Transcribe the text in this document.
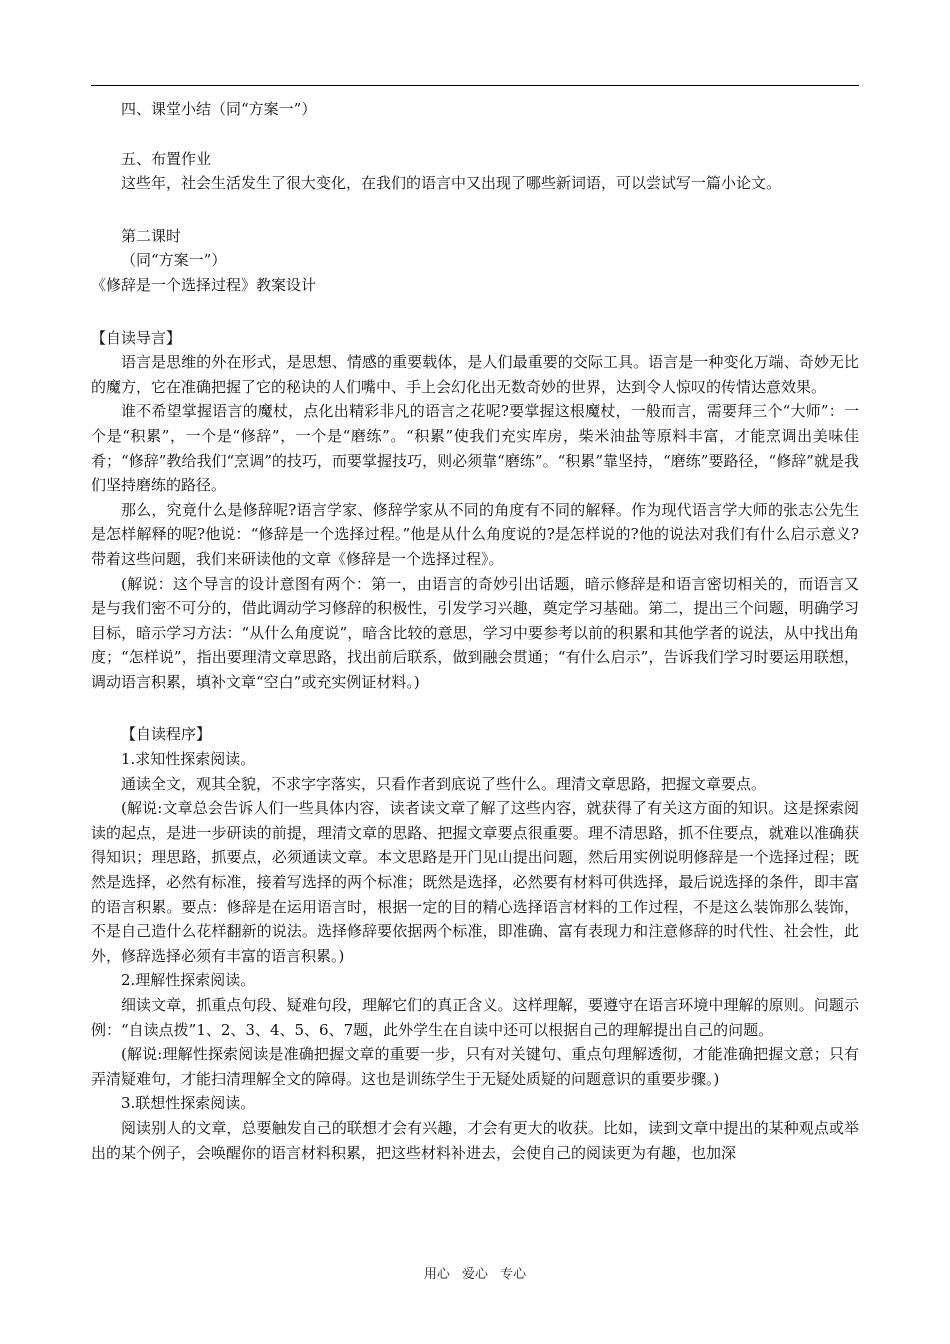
四、课堂小结（同“方案一”）

五、布置作业

这些年，社会生活发生了很大变化，在我们的语言中又出现了哪些新词语，可以尝试写一篇小论文。

第二课时

（同“方案一”）

《修辞是一个选择过程》教案设计

【自读导言】

语言是思维的外在形式，是思想、情感的重要载体，是人们最重要的交际工具。语言是一种变化万端、奇妙无比的魔方，它在准确把握了它的秘诀的人们嘴中、手上会幻化出无数奇妙的世界，达到令人惊叹的传情达意效果。

谁不希望掌握语言的魔杖，点化出精彩非凡的语言之花呢?要掌握这根魔杖，一般而言，需要拜三个“大师”：一个是“积累”，一个是“修辞”，一个是“磨练”。“积累”使我们充实库房，柴米油盐等原料丰富，才能烹调出美味佳肴；“修辞”教给我们“烹调”的技巧，而要掌握技巧，则必须靠“磨练”。“积累”靠坚持，“磨练”要路径，“修辞”就是我们坚持磨练的路径。

那么，究竟什么是修辞呢?语言学家、修辞学家从不同的角度有不同的解释。作为现代语言学大师的张志公先生是怎样解释的呢?他说：“修辞是一个选择过程。”他是从什么角度说的?是怎样说的?他的说法对我们有什么启示意义?带着这些问题，我们来研读他的文章《修辞是一个选择过程》。

(解说：这个导言的设计意图有两个：第一，由语言的奇妙引出话题，暗示修辞是和语言密切相关的，而语言又是与我们密不可分的，借此调动学习修辞的积极性，引发学习兴趣，奠定学习基础。第二，提出三个问题，明确学习目标，暗示学习方法：“从什么角度说”，暗含比较的意思，学习中要参考以前的积累和其他学者的说法，从中找出角度；“怎样说”，指出要理清文章思路，找出前后联系，做到融会贯通；“有什么启示”，告诉我们学习时要运用联想，调动语言积累，填补文章“空白”或充实例证材料。)

【自读程序】

1.求知性探索阅读。

通读全文，观其全貌，不求字字落实，只看作者到底说了些什么。理清文章思路，把握文章要点。

(解说:文章总会告诉人们一些具体内容，读者读文章了解了这些内容，就获得了有关这方面的知识。这是探索阅读的起点，是进一步研读的前提，理清文章的思路、把握文章要点很重要。理不清思路，抓不住要点，就难以准确获得知识；理思路，抓要点，必须通读文章。本文思路是开门见山提出问题，然后用实例说明修辞是一个选择过程；既然是选择，必然有标准，接着写选择的两个标准；既然是选择，必然要有材料可供选择，最后说选择的条件，即丰富的语言积累。要点：修辞是在运用语言时，根据一定的目的精心选择语言材料的工作过程，不是这么装饰那么装饰，不是自己造什么花样翻新的说法。选择修辞要依据两个标准，即准确、富有表现力和注意修辞的时代性、社会性，此外，修辞选择必须有丰富的语言积累。)

2.理解性探索阅读。

细读文章，抓重点句段、疑难句段，理解它们的真正含义。这样理解，要遵守在语言环境中理解的原则。问题示例：“自读点拨”1、2、3、4、5、6、7题，此外学生在自读中还可以根据自己的理解提出自己的问题。

(解说:理解性探索阅读是准确把握文章的重要一步，只有对关键句、重点句理解透彻，才能准确把握文意；只有弄清疑难句，才能扫清理解全文的障碍。这也是训练学生于无疑处质疑的问题意识的重要步骤。)

3.联想性探索阅读。

阅读别人的文章，总要触发自己的联想才会有兴趣，才会有更大的收获。比如，读到文章中提出的某种观点或举出的某个例子，会唤醒你的语言材料积累，把这些材料补进去，会使自己的阅读更为有趣，也加深

用心 爱心 专心
